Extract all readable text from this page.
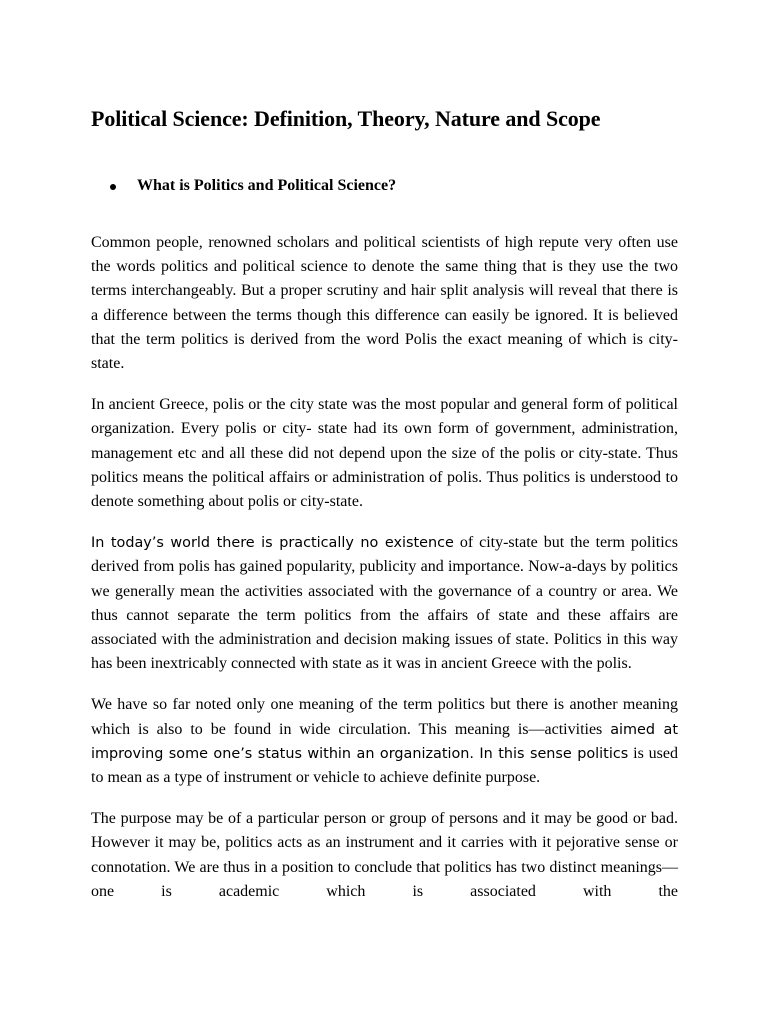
Political Science: Definition, Theory, Nature and Scope
What is Politics and Political Science?

Common people, renowned scholars and political scientists of high repute very often use the words politics and political science to denote the same thing that is they use the two terms interchangeably. But a proper scrutiny and hair split analysis will reveal that there is a difference between the terms though this difference can easily be ignored. It is believed that the term politics is derived from the word Polis the exact meaning of which is city-state.

In ancient Greece, polis or the city state was the most popular and general form of political organization. Every polis or city- state had its own form of government, administration, management etc and all these did not depend upon the size of the polis or city-state. Thus politics means the political affairs or administration of polis. Thus politics is understood to denote something about polis or city-state.

In today’s world there is practically no existence of city-state but the term politics derived from polis has gained popularity, publicity and importance. Now-a-days by politics we generally mean the activities associated with the governance of a country or area. We thus cannot separate the term politics from the affairs of state and these affairs are associated with the administration and decision making issues of state. Politics in this way has been inextricably connected with state as it was in ancient Greece with the polis.

We have so far noted only one meaning of the term politics but there is another meaning which is also to be found in wide circulation. This meaning is—activities aimed at improving some one’s status within an organization. In this sense politics is used to mean as a type of instrument or vehicle to achieve definite purpose.

The purpose may be of a particular person or group of persons and it may be good or bad. However it may be, politics acts as an instrument and it carries with it pejorative sense or connotation. We are thus in a position to conclude that politics has two distinct meanings—one is academic which is associated with the
